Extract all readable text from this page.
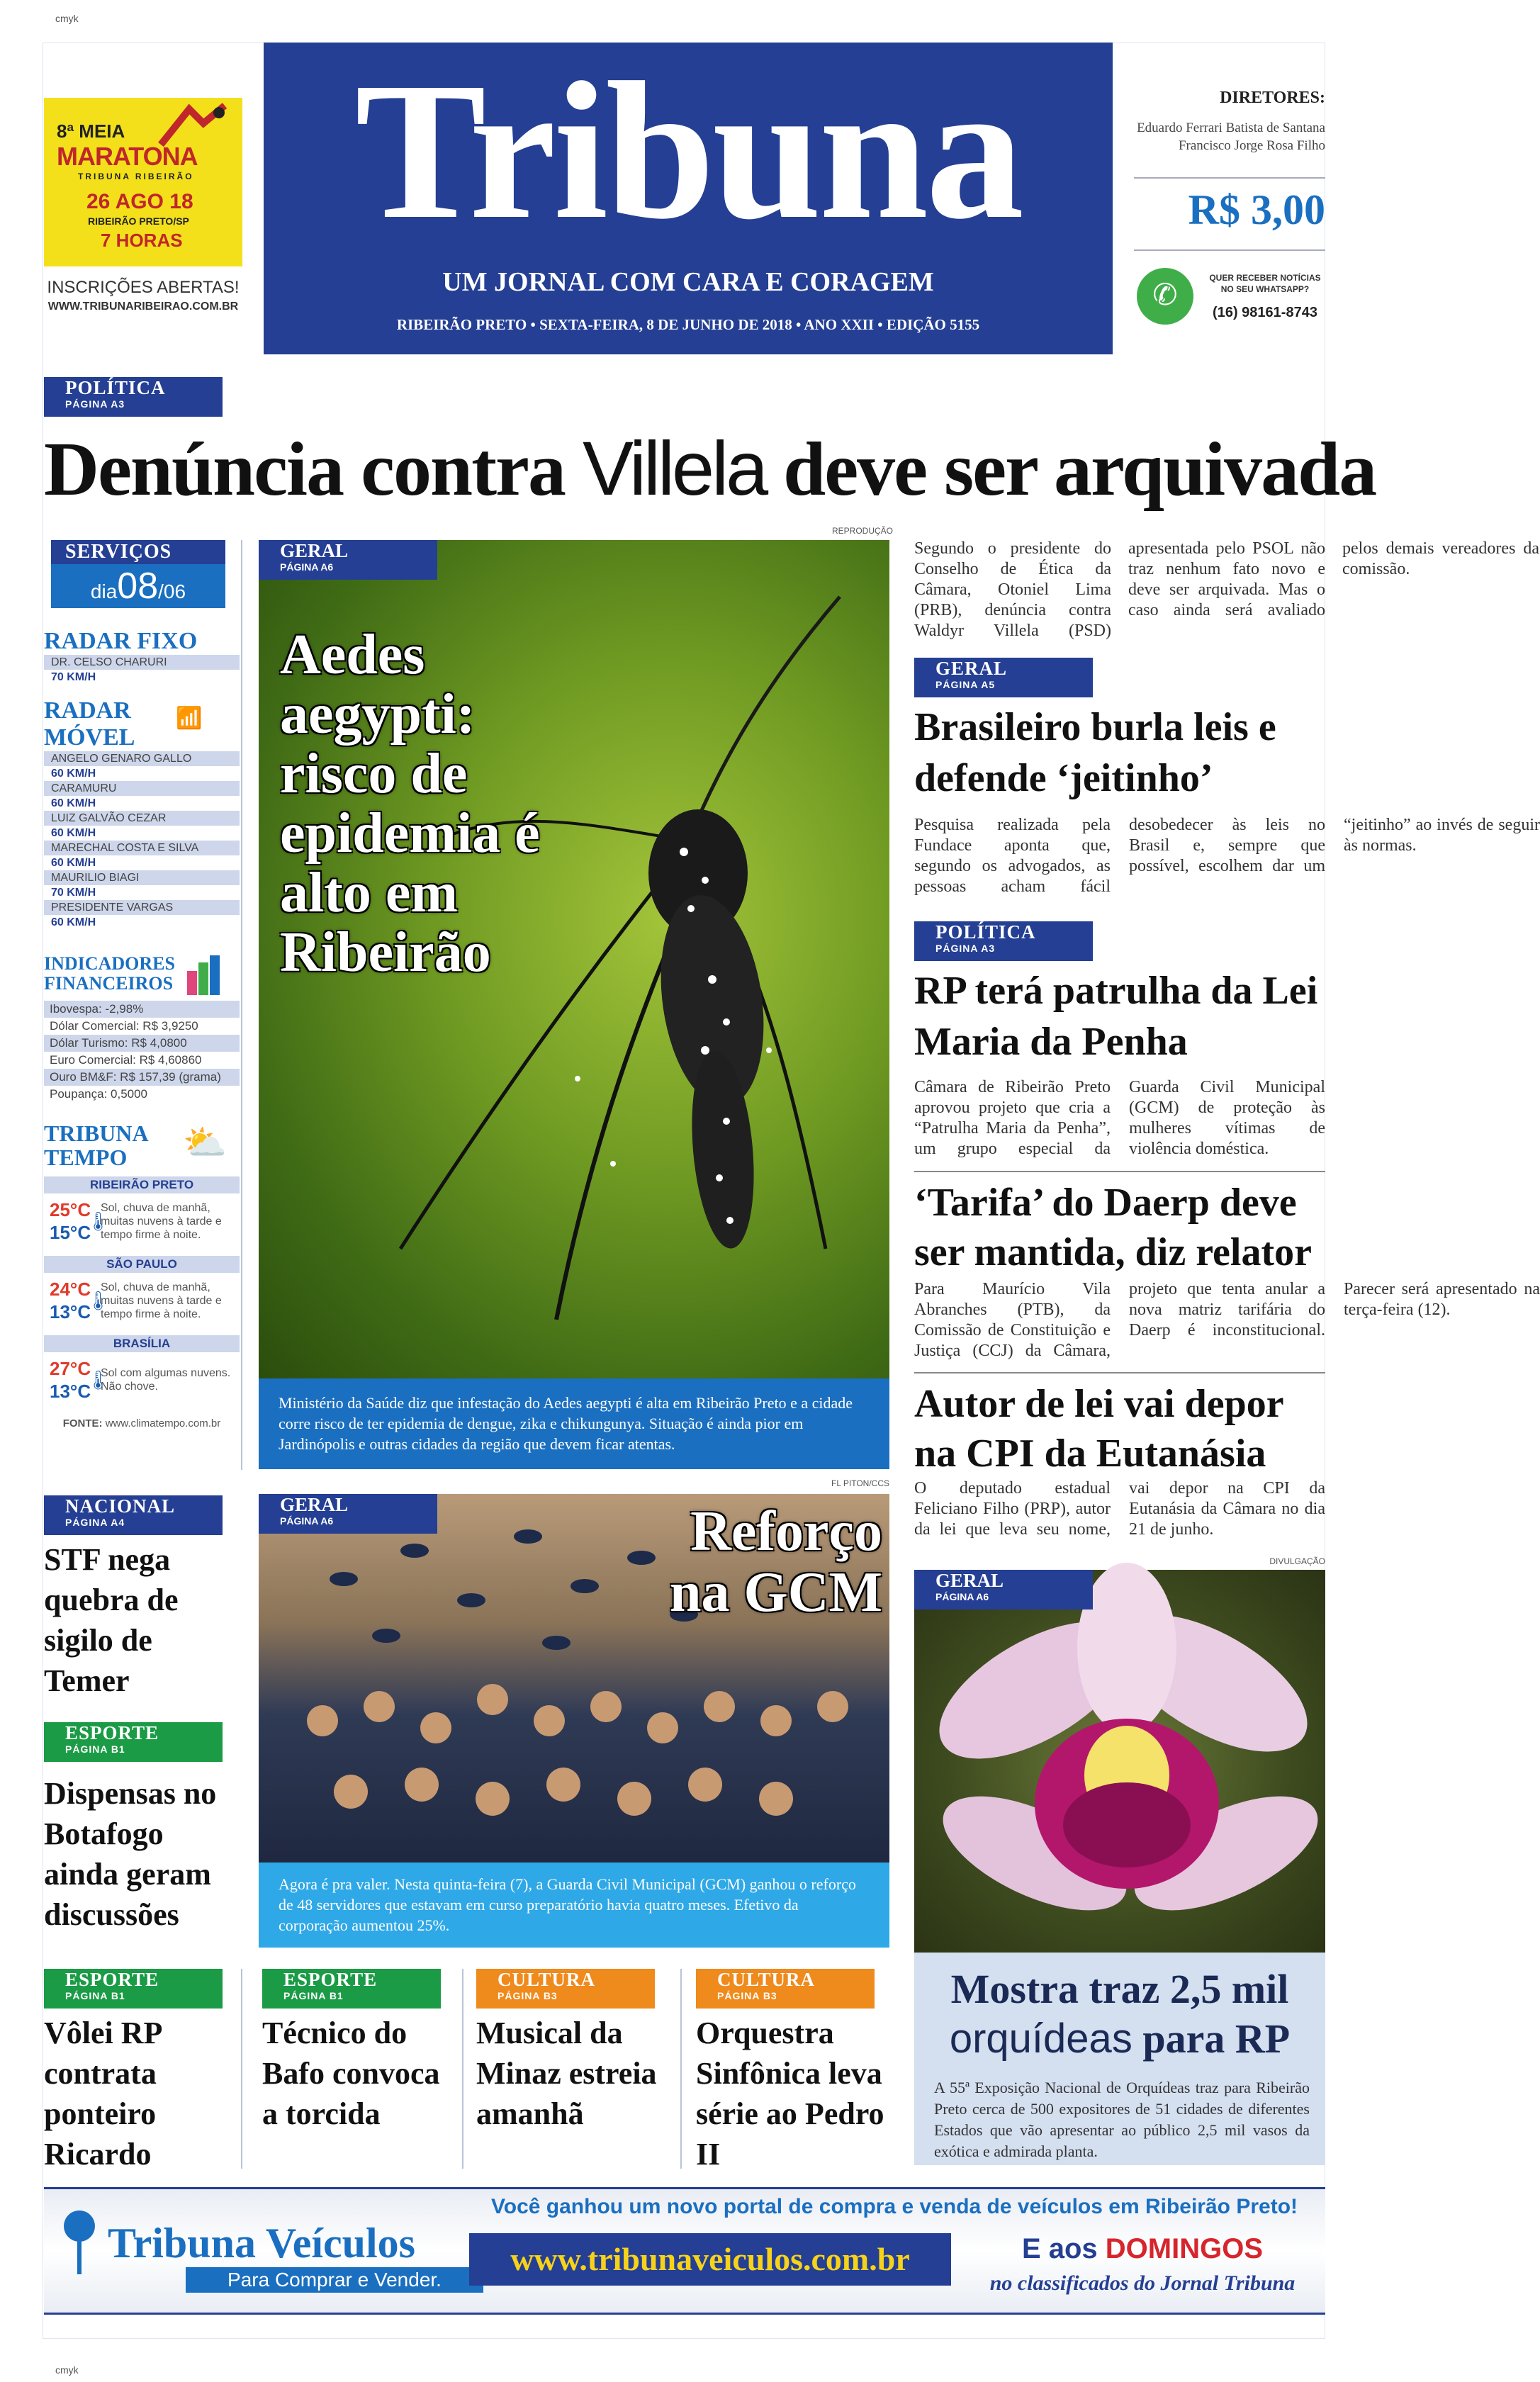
cmyk
cmyk
8ª MEIA
MARATONA
TRIBUNA RIBEIRÃO
26 AGO 18
RIBEIRÃO PRETO/SP
7 HORAS
INSCRIÇÕES ABERTAS!
WWW.TRIBUNARIBEIRAO.COM.BR
Tribuna
UM JORNAL COM CARA E CORAGEM
RIBEIRÃO PRETO • SEXTA-FEIRA, 8 DE JUNHO DE 2018 • ANO XXII • EDIÇÃO 5155
DIRETORES:
Eduardo Ferrari Batista de Santana
Francisco Jorge Rosa Filho
R$ 3,00
✆
QUER RECEBER NOTÍCIAS NO SEU WHATSAPP?
(16) 98161-8743
POLÍTICA
PÁGINA A3
Denúncia contra Villela deve ser arquivada
REPRODUÇÃO
Segundo o presidente do Conselho de Ética da Câmara, Otoniel Lima (PRB), denúncia contra Waldyr Villela (PSD) apresentada pelo PSOL não traz nenhum fato novo e deve ser arquivada. Mas o caso ainda será avaliado pelos demais vereadores da comissão.
SERVIÇOS
dia08/06
RADAR FIXO
DR. CELSO CHARURI
70 KM/H
RADAR
MÓVEL
📶
ANGELO GENARO GALLO
60 KM/H
CARAMURU
60 KM/H
LUIZ GALVÃO CEZAR
60 KM/H
MARECHAL COSTA E SILVA
60 KM/H
MAURILIO BIAGI
70 KM/H
PRESIDENTE VARGAS
60 KM/H
INDICADORES
FINANCEIROS
Ibovespa: -2,98%
Dólar Comercial: R$ 3,9250
Dólar Turismo: R$ 4,0800
Euro Comercial: R$ 4,60860
Ouro BM&F: R$ 157,39 (grama)
Poupança: 0,5000
TRIBUNA
TEMPO	⛅
RIBEIRÃO PRETO
25°C
15°C
🌡
Sol, chuva de manhã, muitas nuvens à tarde e tempo firme à noite.
SÃO PAULO
24°C
13°C
🌡
Sol, chuva de manhã, muitas nuvens à tarde e tempo firme à noite.
BRASÍLIA
27°C
13°C
🌡
Sol com algumas nuvens. Não chove.
FONTE: www.climatempo.com.br
GERAL
PÁGINA A6
Aedes aegypti: risco de epidemia é alto em Ribeirão
Ministério da Saúde diz que infestação do Aedes aegypti é alta em Ribeirão Preto e a cidade corre risco de ter epidemia de dengue, zika e chikungunya. Situação é ainda pior em Jardinópolis e outras cidades da região que devem ficar atentas.
GERAL
PÁGINA A5
Brasileiro burla leis e defende ‘jeitinho’
Pesquisa realizada pela Fundace aponta que, segundo os advogados, as pessoas acham fácil desobedecer às leis no Brasil e, sempre que possível, escolhem dar um “jeitinho” ao invés de seguir às normas.
POLÍTICA
PÁGINA A3
RP terá patrulha da Lei Maria da Penha
Câmara de Ribeirão Preto aprovou projeto que cria a “Patrulha Maria da Penha”, um grupo especial da Guarda Civil Municipal (GCM) de proteção às mulheres vítimas de violência doméstica.
‘Tarifa’ do Daerp deve ser mantida, diz relator
Para Maurício Vila Abranches (PTB), da Comissão de Constituição e Justiça (CCJ) da Câmara, projeto que tenta anular a nova matriz tarifária do Daerp é inconstitucional. Parecer será apresentado na terça-feira (12).
Autor de lei vai depor na CPI da Eutanásia
O deputado estadual Feliciano Filho (PRP), autor da lei que leva seu nome, vai depor na CPI da Eutanásia da Câmara no dia 21 de junho.
NACIONAL
PÁGINA A4
STF nega quebra de sigilo de Temer
ESPORTE
PÁGINA B1
Dispensas no Botafogo ainda geram discussões
FL PITON/CCS
GERAL
PÁGINA A6	Reforço na GCM
Agora é pra valer. Nesta quinta-feira (7), a Guarda Civil Municipal (GCM) ganhou o reforço de 48 servidores que estavam em curso preparatório havia quatro meses. Efetivo da corporação aumentou 25%.
DIVULGAÇÃO
GERAL
PÁGINA A6
Mostra traz 2,5 mil
orquídeas para RP
A 55ª Exposição Nacional de Orquídeas traz para Ribeirão Preto cerca de 500 expositores de 51 cidades de diferentes Estados que vão apresentar ao público 2,5 mil vasos da exótica e admirada planta.
ESPORTE
PÁGINA B1
Vôlei RP contrata ponteiro Ricardo
ESPORTE
PÁGINA B1
Técnico do Bafo convoca a torcida
CULTURA
PÁGINA B3
Musical da Minaz estreia amanhã
CULTURA
PÁGINA B3
Orquestra Sinfônica leva série ao Pedro II
Tribuna Veículos
Para Comprar e Vender.
Você ganhou um novo portal de compra e venda de veículos em Ribeirão Preto!
www.tribunaveiculos.com.br	E aos DOMINGOS
no classificados do Jornal Tribuna
